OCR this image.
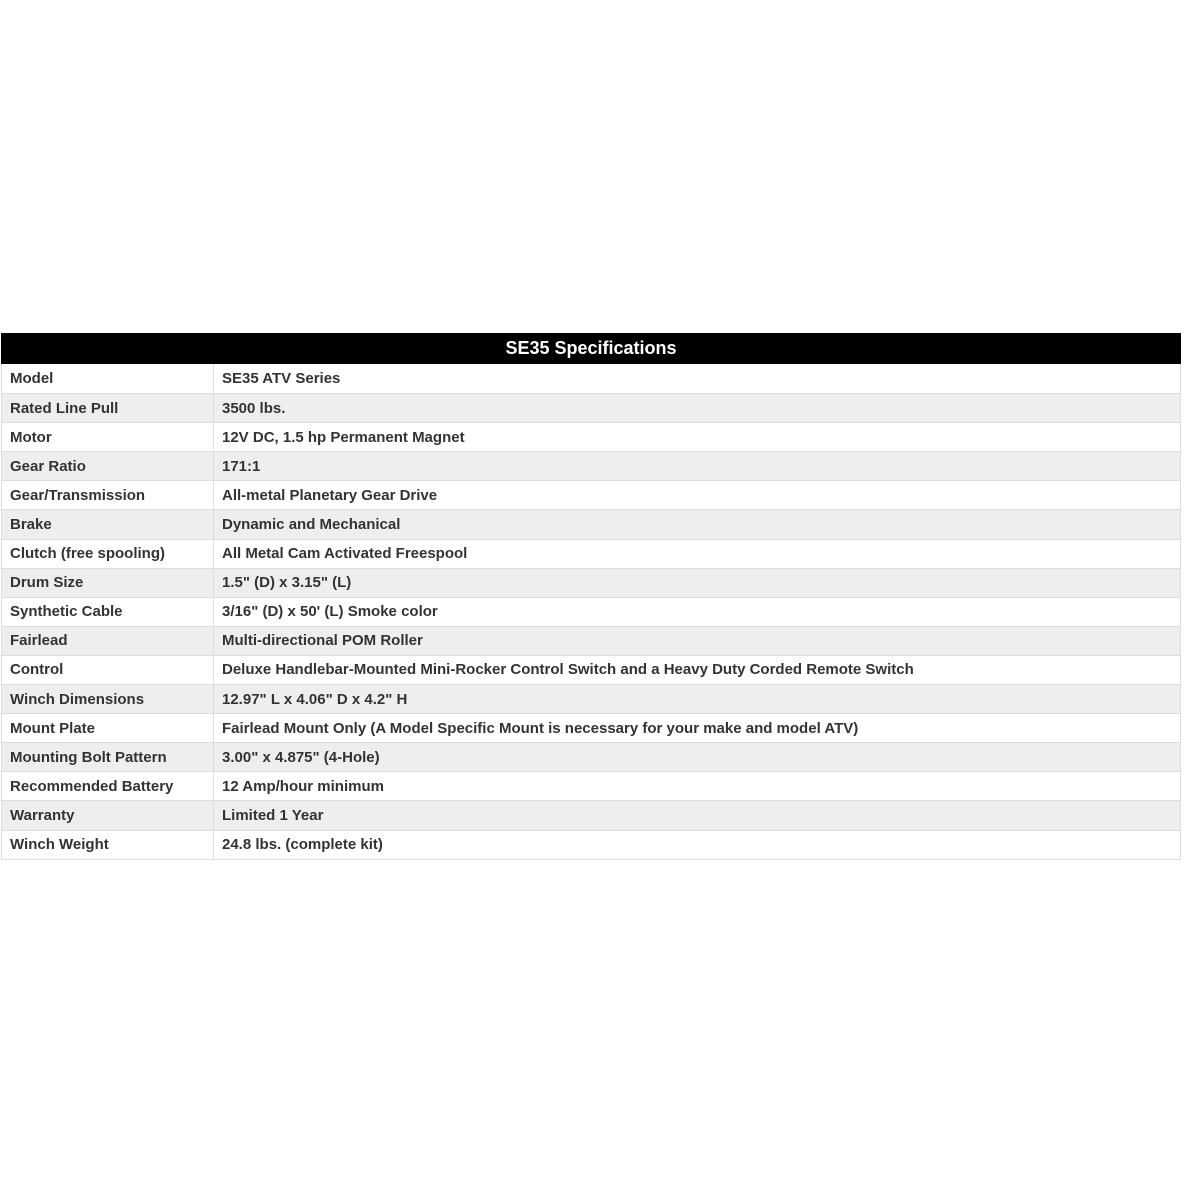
SE35 Specifications
Model	SE35 ATV Series
Rated Line Pull	3500 lbs.
Motor	12V DC, 1.5 hp Permanent Magnet
Gear Ratio	171:1
Gear/Transmission	All-metal Planetary Gear Drive
Brake	Dynamic and Mechanical
Clutch (free spooling)	All Metal Cam Activated Freespool
Drum Size	1.5" (D) x 3.15" (L)
Synthetic Cable	3/16" (D) x 50' (L) Smoke color
Fairlead	Multi-directional POM Roller
Control	Deluxe Handlebar-Mounted Mini-Rocker Control Switch and a Heavy Duty Corded Remote Switch
Winch Dimensions	12.97" L x 4.06" D x 4.2" H
Mount Plate	Fairlead Mount Only (A Model Specific Mount is necessary for your make and model ATV)
Mounting Bolt Pattern	3.00" x 4.875" (4-Hole)
Recommended Battery	12 Amp/hour minimum
Warranty	Limited 1 Year
Winch Weight	24.8 lbs. (complete kit)
